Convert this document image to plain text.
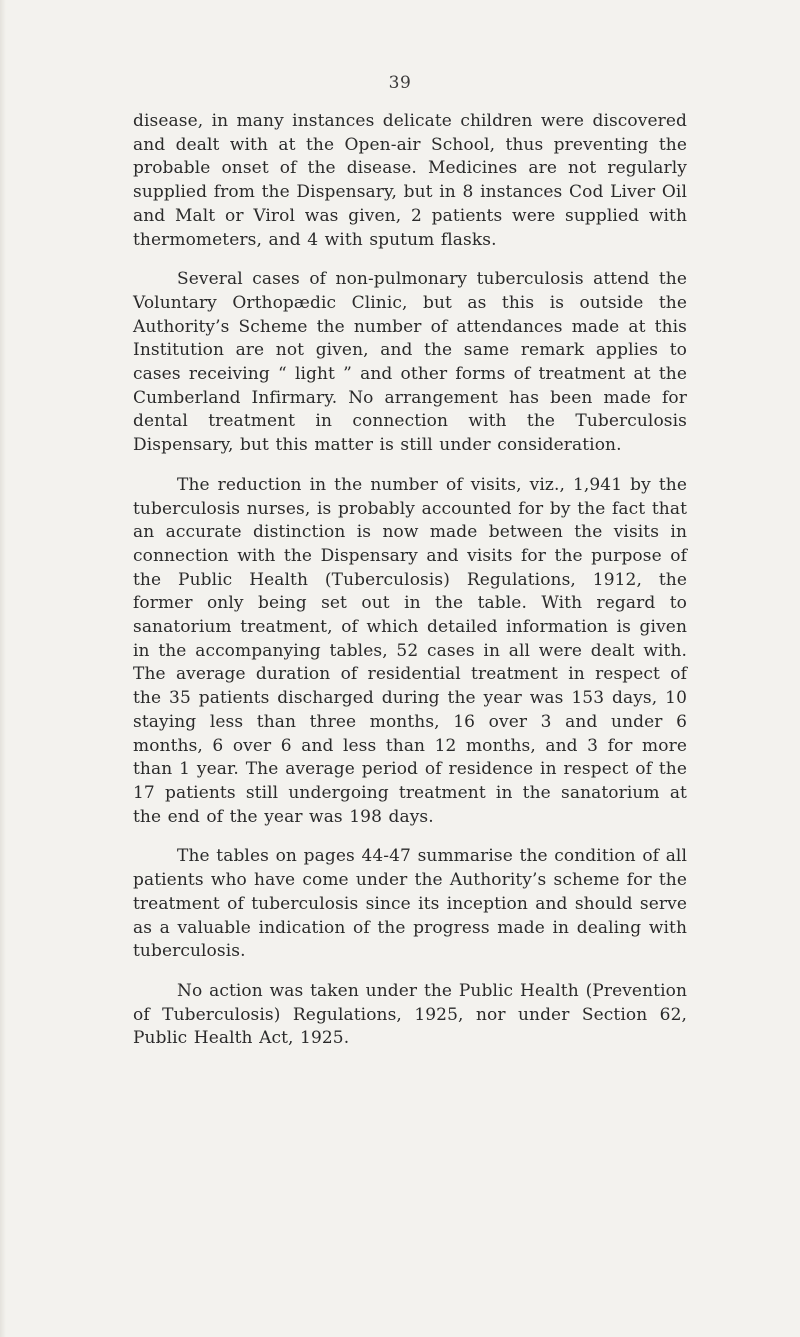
39

disease, in many instances delicate children were discovered and dealt with at the Open-air School, thus preventing the probable onset of the disease. Medicines are not regularly supplied from the Dispensary, but in 8 instances Cod Liver Oil and Malt or Virol was given, 2 patients were supplied with thermometers, and 4 with sputum flasks.

Several cases of non-pulmonary tuberculosis attend the Voluntary Orthopædic Clinic, but as this is outside the Authority’s Scheme the number of attendances made at this Institution are not given, and the same remark applies to cases receiving “ light ” and other forms of treatment at the Cumberland Infirmary. No arrangement has been made for dental treatment in connection with the Tuberculosis Dispensary, but this matter is still under consideration.

The reduction in the number of visits, viz., 1,941 by the tuberculosis nurses, is probably accounted for by the fact that an accurate distinction is now made between the visits in connection with the Dispensary and visits for the purpose of the Public Health (Tuberculosis) Regulations, 1912, the former only being set out in the table. With regard to sanatorium treatment, of which detailed information is given in the accompanying tables, 52 cases in all were dealt with. The average duration of residential treatment in respect of the 35 patients discharged during the year was 153 days, 10 staying less than three months, 16 over 3 and under 6 months, 6 over 6 and less than 12 months, and 3 for more than 1 year. The average period of residence in respect of the 17 patients still undergoing treatment in the sanatorium at the end of the year was 198 days.

The tables on pages 44-47 summarise the condition of all patients who have come under the Authority’s scheme for the treatment of tuberculosis since its inception and should serve as a valuable indication of the progress made in dealing with tuberculosis.

No action was taken under the Public Health (Prevention of Tuberculosis) Regulations, 1925, nor under Section 62, Public Health Act, 1925.
